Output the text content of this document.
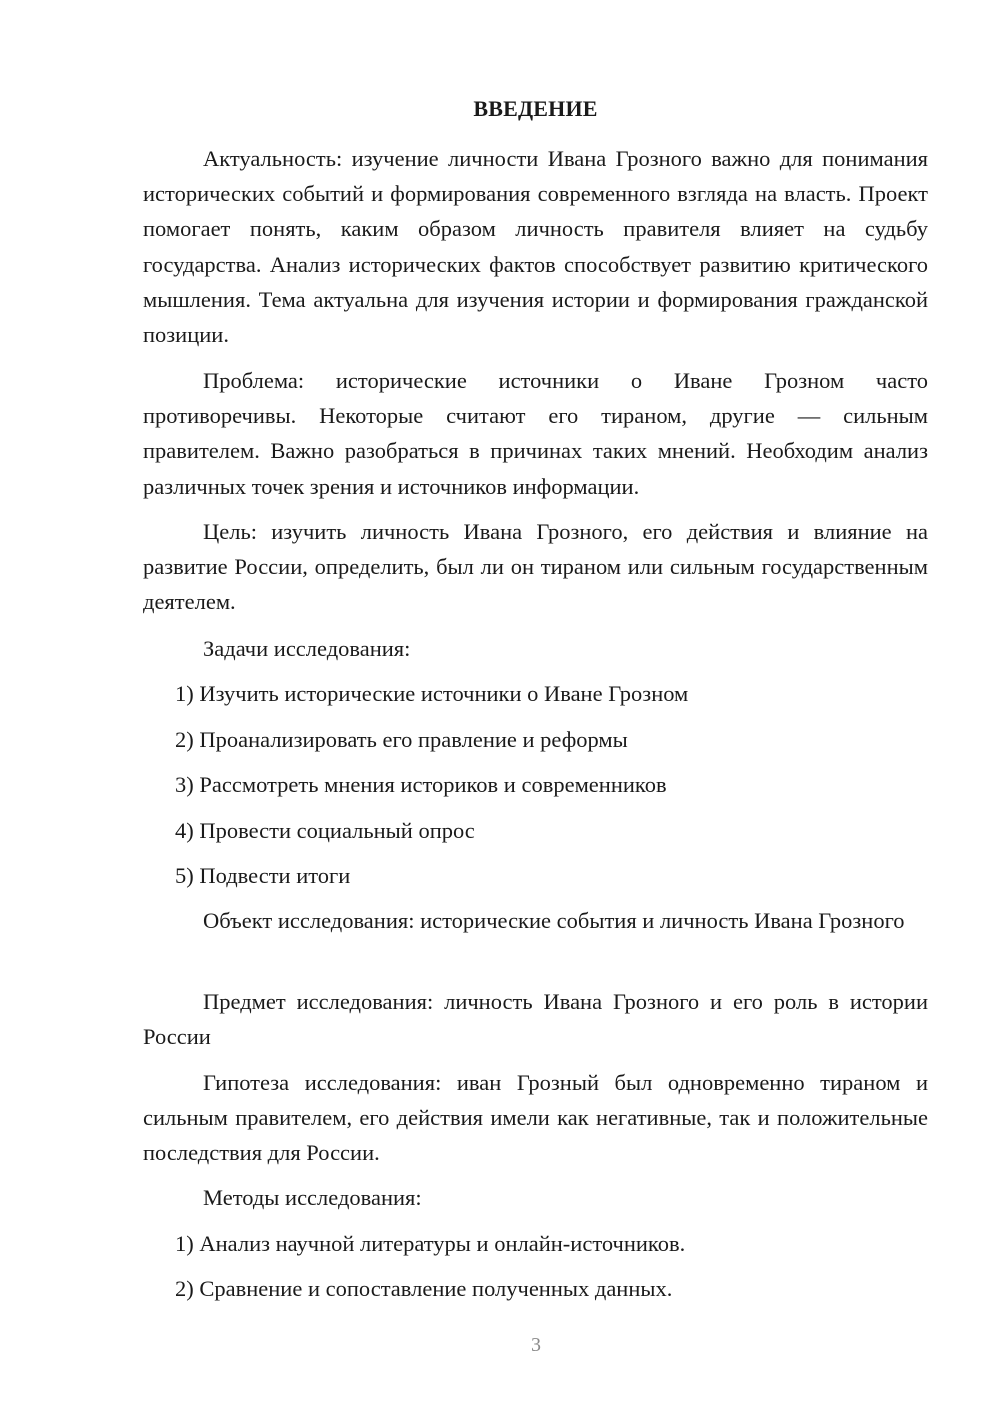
ВВЕДЕНИЕ

Актуальность: изучение личности Ивана Грозного важно для понимания исторических событий и формирования современного взгляда на власть. Проект помогает понять, каким образом личность правителя влияет на судьбу государства. Анализ исторических фактов способствует развитию критического мышления. Тема актуальна для изучения истории и формирования гражданской позиции.

Проблема: исторические источники о Иване Грозном часто противоречивы. Некоторые считают его тираном, другие — сильным правителем. Важно разобраться в причинах таких мнений. Необходим анализ различных точек зрения и источников информации.

Цель: изучить личность Ивана Грозного, его действия и влияние на развитие России, определить, был ли он тираном или сильным государственным деятелем.

Задачи исследования:

1) Изучить исторические источники о Иване Грозном

2) Проанализировать его правление и реформы

3) Рассмотреть мнения историков и современников

4) Провести социальный опрос

5) Подвести итоги

Объект исследования: исторические события и личность Ивана Грозного

Предмет исследования: личность Ивана Грозного и его роль в истории России

Гипотеза исследования: иван Грозный был одновременно тираном и сильным правителем, его действия имели как негативные, так и положительные последствия для России.

Методы исследования:

1) Анализ научной литературы и онлайн-источников.

2) Сравнение и сопоставление полученных данных.

3
